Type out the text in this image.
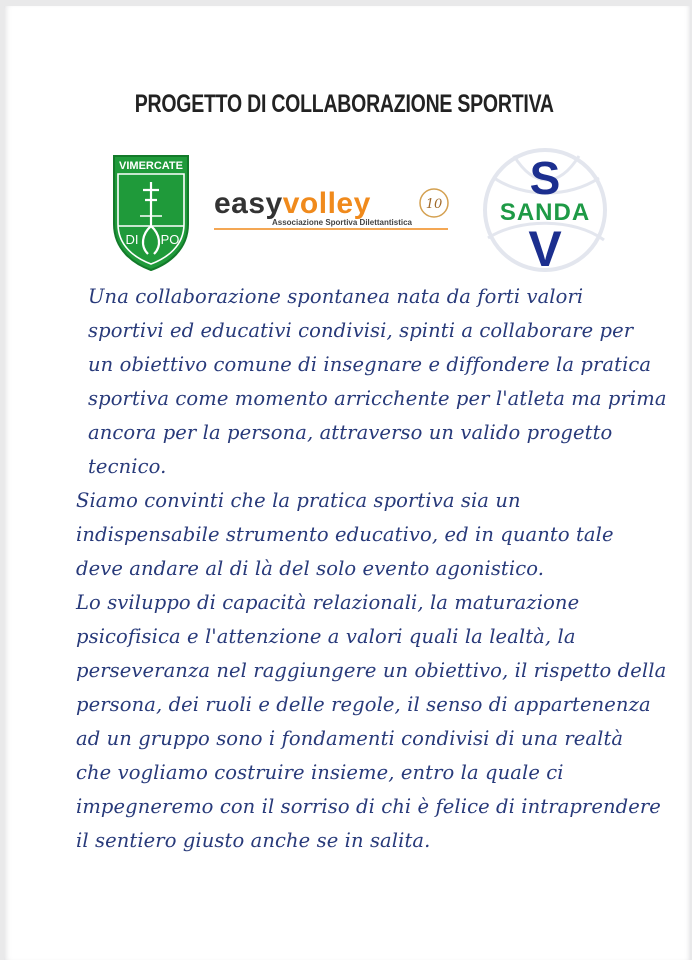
PROGETTO DI COLLABORAZIONE SPORTIVA
VIMERCATE
DI PO
easyvolley	10
Associazione Sportiva Dilettantistica
S
SANDA
V
Una collaborazione spontanea nata da forti valori
sportivi ed educativi condivisi, spinti a collaborare per
un obiettivo comune di insegnare e diffondere la pratica
sportiva come momento arricchente per l'atleta ma prima
ancora per la persona, attraverso un valido progetto
tecnico.
Siamo convinti che la pratica sportiva sia un
indispensabile strumento educativo, ed in quanto tale
deve andare al di là del solo evento agonistico.
Lo sviluppo di capacità relazionali, la maturazione
psicofisica e l'attenzione a valori quali la lealtà, la
perseveranza nel raggiungere un obiettivo, il rispetto della
persona, dei ruoli e delle regole, il senso di appartenenza
ad un gruppo sono i fondamenti condivisi di una realtà
che vogliamo costruire insieme, entro la quale ci
impegneremo con il sorriso di chi è felice di intraprendere
il sentiero giusto anche se in salita.
